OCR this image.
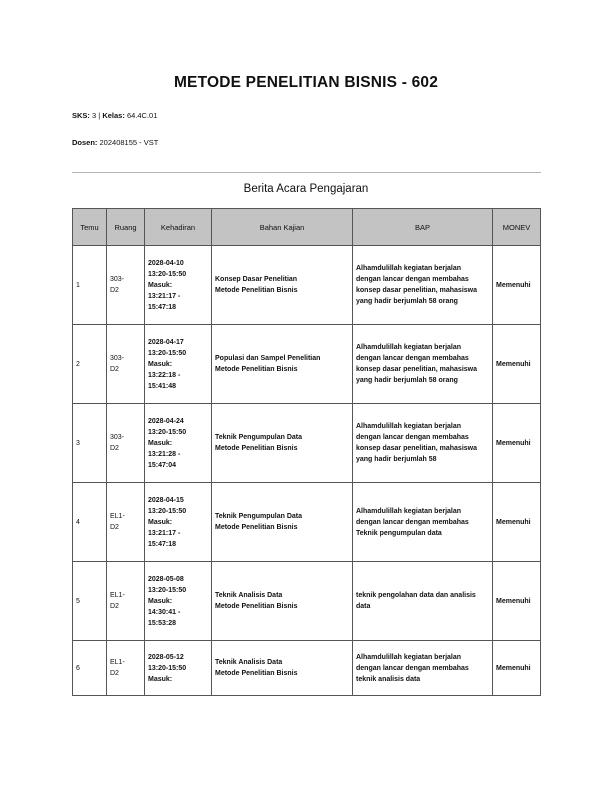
METODE PENELITIAN BISNIS - 602
SKS: 3 | Kelas: 64.4C.01
Dosen: 202408155 - VST
Berita Acara Pengajaran
Temu	Ruang	Kehadiran	Bahan Kajian	BAP	MONEV
1	303-
D2	2028-04-10
13:20-15:50
Masuk:
13:21:17 -
15:47:18	Konsep Dasar Penelitian
Metode Penelitian Bisnis	Alhamdulillah kegiatan berjalan
dengan lancar dengan membahas
konsep dasar penelitian, mahasiswa
yang hadir berjumlah 58 orang	Memenuhi
2	303-
D2	2028-04-17
13:20-15:50
Masuk:
13:22:18 -
15:41:48	Populasi dan Sampel Penelitian
Metode Penelitian Bisnis	Alhamdulillah kegiatan berjalan
dengan lancar dengan membahas
konsep dasar penelitian, mahasiswa
yang hadir berjumlah 58 orang	Memenuhi
3	303-
D2	2028-04-24
13:20-15:50
Masuk:
13:21:28 -
15:47:04	Teknik Pengumpulan Data
Metode Penelitian Bisnis	Alhamdulillah kegiatan berjalan
dengan lancar dengan membahas
konsep dasar penelitian, mahasiswa
yang hadir berjumlah 58	Memenuhi
4	EL1-
D2	2028-04-15
13:20-15:50
Masuk:
13:21:17 -
15:47:18	Teknik Pengumpulan Data
Metode Penelitian Bisnis	Alhamdulillah kegiatan berjalan
dengan lancar dengan membahas
Teknik pengumpulan data	Memenuhi
5	EL1-
D2	2028-05-08
13:20-15:50
Masuk:
14:30:41 -
15:53:28	Teknik Analisis Data
Metode Penelitian Bisnis	teknik pengolahan data dan analisis
data	Memenuhi
6	EL1-
D2	2028-05-12
13:20-15:50
Masuk:	Teknik Analisis Data
Metode Penelitian Bisnis	Alhamdulillah kegiatan berjalan
dengan lancar dengan membahas
teknik analisis data	Memenuhi
